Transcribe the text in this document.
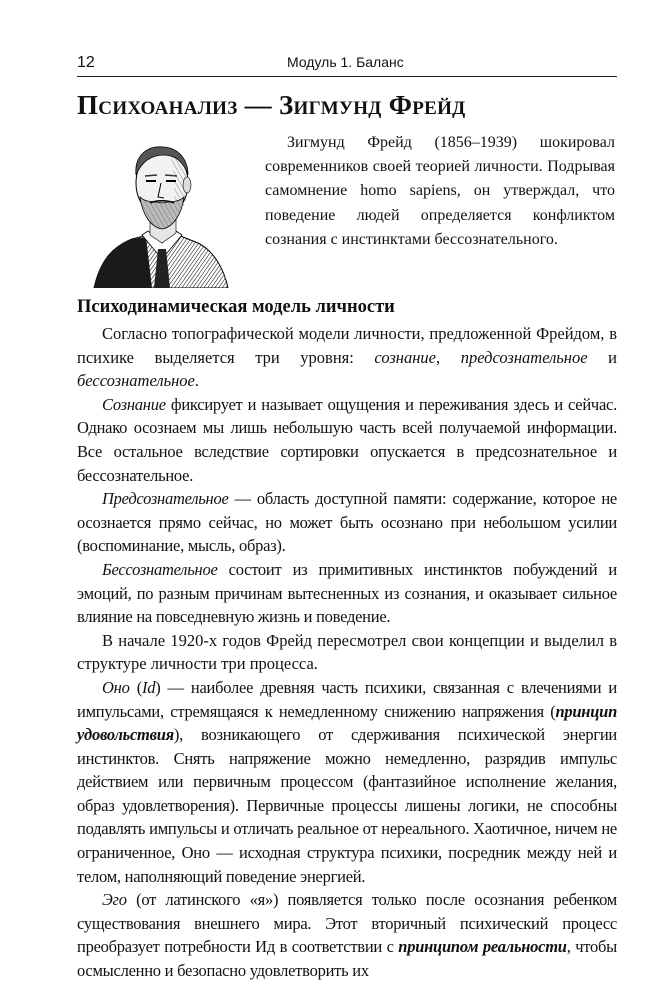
12	Модуль 1. Баланс
Психоанализ — Зигмунд Фрейд

Зигмунд Фрейд (1856–1939) шокировал современников своей теорией личности. Подрывая самомнение homo sapiens, он утверждал, что поведение людей определяется конфликтом сознания с инстинктами бессознательного.

Психодинамическая модель личности

Согласно топографической модели личности, предложенной Фрейдом, в психике выделяется три уровня: сознание, предсознательное и бессознательное.

Сознание фиксирует и называет ощущения и переживания здесь и сейчас. Однако осознаем мы лишь небольшую часть всей получаемой информации. Все остальное вследствие сортировки опускается в предсознательное и бессознательное.

Предсознательное — область доступной памяти: содержание, которое не осознается прямо сейчас, но может быть осознано при небольшом усилии (воспоминание, мысль, образ).

Бессознательное состоит из примитивных инстинктов побуждений и эмоций, по разным причинам вытесненных из сознания, и оказывает сильное влияние на повседневную жизнь и поведение.

В начале 1920-х годов Фрейд пересмотрел свои концепции и выделил в структуре личности три процесса.

Оно (Id) — наиболее древняя часть психики, связанная с влечениями и импульсами, стремящаяся к немедленному снижению напряжения (принцип удовольствия), возникающего от сдерживания психической энергии инстинктов. Снять напряжение можно немедленно, разрядив импульс действием или первичным процессом (фантазийное исполнение желания, образ удовлетворения). Первичные процессы лишены логики, не способны подавлять импульсы и отличать реальное от нереального. Хаотичное, ничем не ограниченное, Оно — исходная структура психики, посредник между ней и телом, наполняющий поведение энергией.

Эго (от латинского «я») появляется только после осознания ребенком существования внешнего мира. Этот вторичный психический процесс преобразует потребности Ид в соответствии с принципом реальности, чтобы осмысленно и безопасно удовлетворить их
